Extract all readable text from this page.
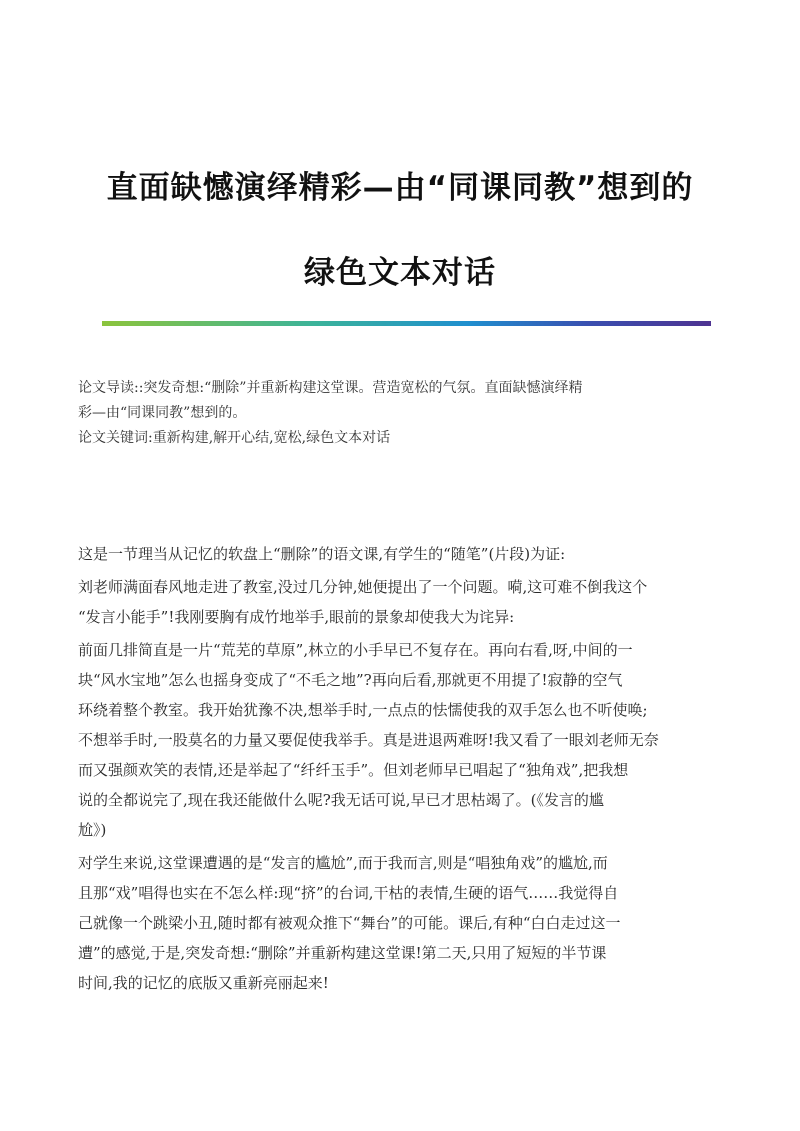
直面缺憾演绎精彩—由“同课同教”想到的
绿色文本对话
论文导读::突发奇想:“删除”并重新构建这堂课。营造宽松的气氛。直面缺憾演绎精
彩—由“同课同教”想到的。
论文关键词:重新构建,解开心结,宽松,绿色文本对话
这是一节理当从记忆的软盘上“删除”的语文课,有学生的“随笔”(片段)为证:
刘老师满面春风地走进了教室,没过几分钟,她便提出了一个问题。嗬,这可难不倒我这个
“发言小能手”!我刚要胸有成竹地举手,眼前的景象却使我大为诧异:
前面几排简直是一片“荒芜的草原”,林立的小手早已不复存在。再向右看,呀,中间的一
块“风水宝地”怎么也摇身变成了“不毛之地”?再向后看,那就更不用提了!寂静的空气
环绕着整个教室。我开始犹豫不决,想举手时,一点点的怯懦使我的双手怎么也不听使唤;
不想举手时,一股莫名的力量又要促使我举手。真是进退两难呀!我又看了一眼刘老师无奈
而又强颜欢笑的表情,还是举起了“纤纤玉手”。但刘老师早已唱起了“独角戏”,把我想
说的全都说完了,现在我还能做什么呢?我无话可说,早已才思枯竭了。(《发言的尴
尬》)
对学生来说,这堂课遭遇的是“发言的尴尬”,而于我而言,则是“唱独角戏”的尴尬,而
且那“戏”唱得也实在不怎么样:现“挤”的台词,干枯的表情,生硬的语气……我觉得自
己就像一个跳梁小丑,随时都有被观众推下“舞台”的可能。课后,有种“白白走过这一
遭”的感觉,于是,突发奇想:“删除”并重新构建这堂课!第二天,只用了短短的半节课
时间,我的记忆的底版又重新亮丽起来!
